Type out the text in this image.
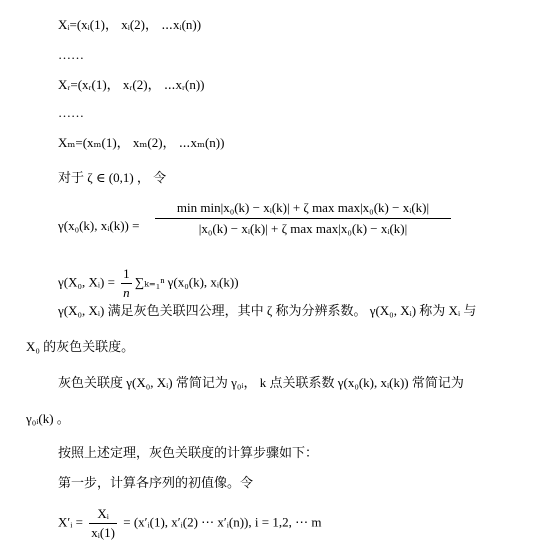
Xᵢ=(xᵢ(1)， xᵢ(2)， ⋯xᵢ(n))
……
Xᵣ=(xᵣ(1)， xᵣ(2)， ⋯xᵣ(n))
……
Xₘ=(xₘ(1)， xₘ(2)， ⋯xₘ(n))
对于 ζ ∈ (0,1) ， 令
γ(x₀(k), xᵢ(k)) =
min min|x₀(k) − xᵢ(k)| + ζ max max|x₀(k) − xᵢ(k)|
|x₀(k) − xᵢ(k)| + ζ max max|x₀(k) − xᵢ(k)|
γ(X₀, Xᵢ) = $\frac{1}{n} \sum_{k=1}^n$ γ(x₀(k), xᵢ(k))
γ(X₀, Xᵢ) 满足灰色关联四公理，其中 ζ 称为分辨系数。 γ(X₀, Xᵢ) 称为 Xᵢ 与
X₀ 的灰色关联度。
灰色关联度 γ(X₀, Xᵢ) 常简记为 γ₀ᵢ， k 点关联系数 γ(x₀(k), xᵢ(k)) 常简记为
γ₀ᵢ(k) 。
按照上述定理，灰色关联度的计算步骤如下：
第一步，计算各序列的初值像。令
X′ᵢ = $\frac{\text{Xᵢ}}{\text{xᵢ(1)}}$ = (x′ᵢ(1), x′ᵢ(2) ⋯ x′ᵢ(n)), i = 1,2, ⋯ m
